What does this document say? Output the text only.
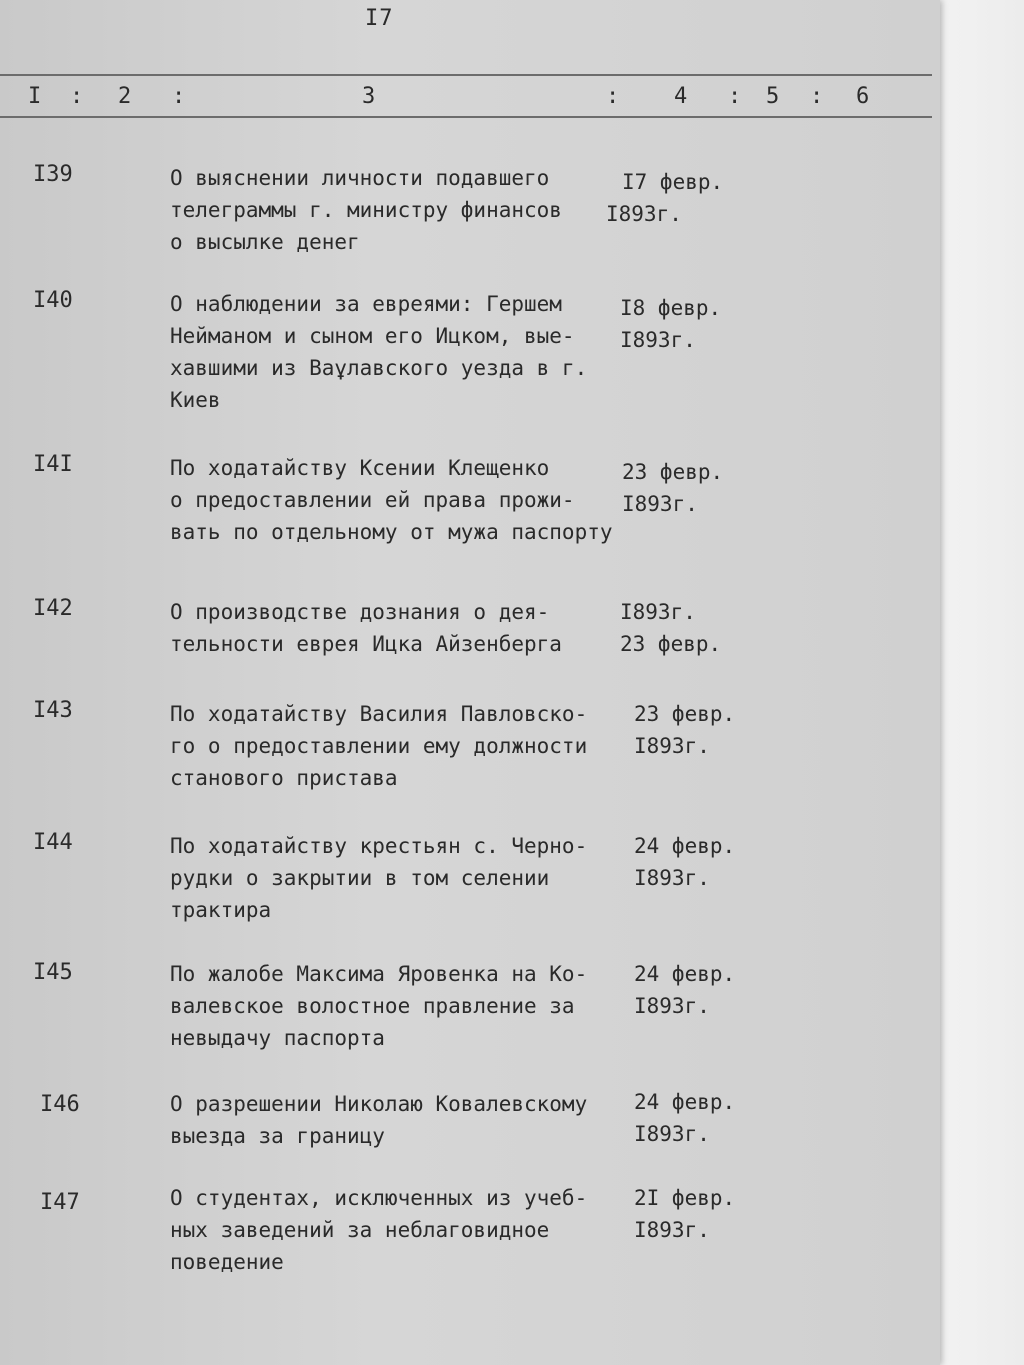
I7
I : 2 :	3	: 4 : 5 : 6
I39	О выяснении личности подавшего
телеграммы г. министру финансов
о высылке денег
I7 февр.
I893г.
I40	О наблюдении за евреями: Гершем
Нейманом и сыном его Ицком, вые-
хавшими из Ваұлавского уезда в г.
Киев
I8 февр.
I893г.
I4I	По ходатайству Ксении Клещенко
о предоставлении ей права прожи-
вать по отдельному от мужа паспорту
23 февр.
I893г.
I42	О производстве дознания о дея-
тельности еврея Ицка Айзенберга
I893г.
23 февр.
I43	По ходатайству Василия Павловско-
го о предоставлении ему должности
станового пристава
23 февр.
I893г.
I44	По ходатайству крестьян с. Черно-
рудки о закрытии в том селении
трактира
24 февр.
I893г.
I45	По жалобе Максима Яровенка на Ко-
валевское волостное правление за
невыдачу паспорта
24 февр.
I893г.
I46	О разрешении Николаю Ковалевскому
выезда за границу
24 февр.
I893г.
I47	О студентах, исключенных из учеб-
ных заведений за неблаговидное
поведение
2I февр.
I893г.
